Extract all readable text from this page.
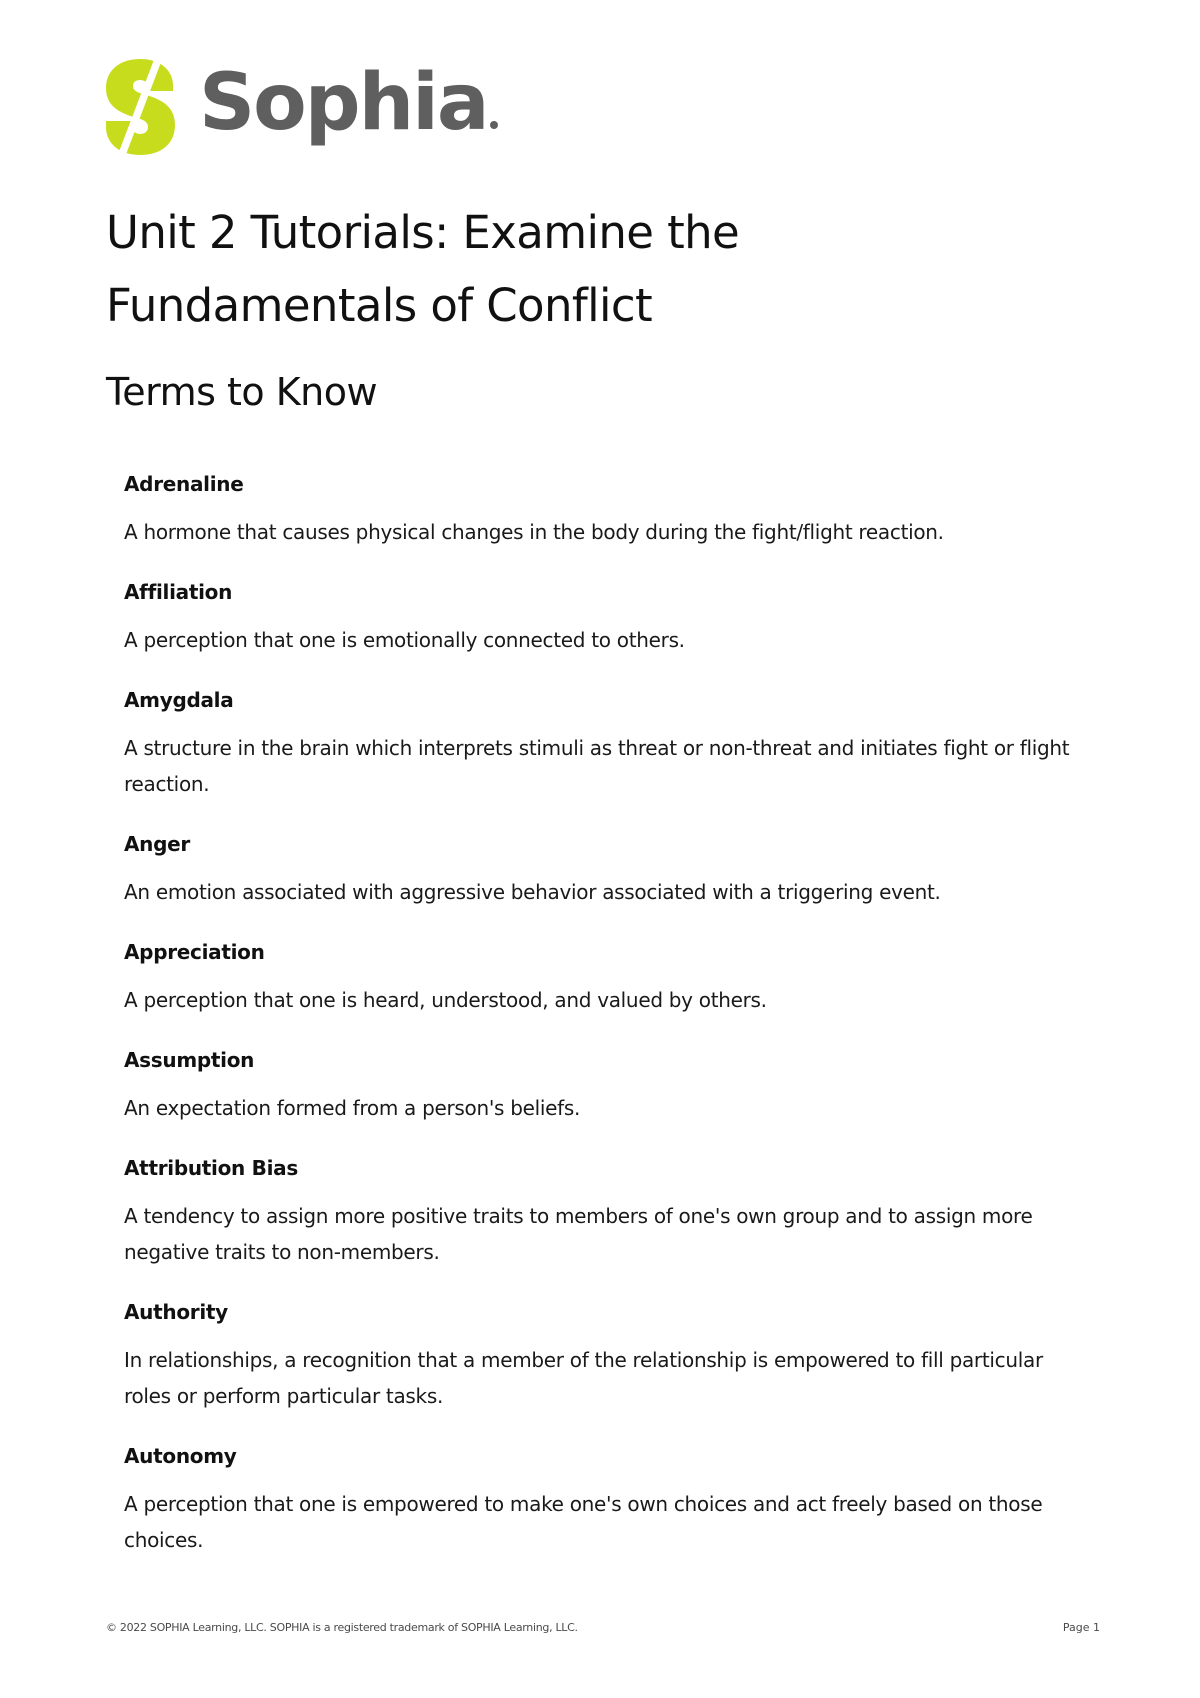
Sophia
Unit 2 Tutorials: Examine the
Fundamentals of Conflict
Terms to Know

Adrenaline

A hormone that causes physical changes in the body during the fight/flight reaction.

Affiliation

A perception that one is emotionally connected to others.

Amygdala

A structure in the brain which interprets stimuli as threat or non-threat and initiates fight or flight reaction.

Anger

An emotion associated with aggressive behavior associated with a triggering event.

Appreciation

A perception that one is heard, understood, and valued by others.

Assumption

An expectation formed from a person's beliefs.

Attribution Bias

A tendency to assign more positive traits to members of one's own group and to assign more negative traits to non-members.

Authority

In relationships, a recognition that a member of the relationship is empowered to fill particular roles or perform particular tasks.

Autonomy

A perception that one is empowered to make one's own choices and act freely based on those choices.

© 2022 SOPHIA Learning, LLC. SOPHIA is a registered trademark of SOPHIA Learning, LLC.	Page 1
